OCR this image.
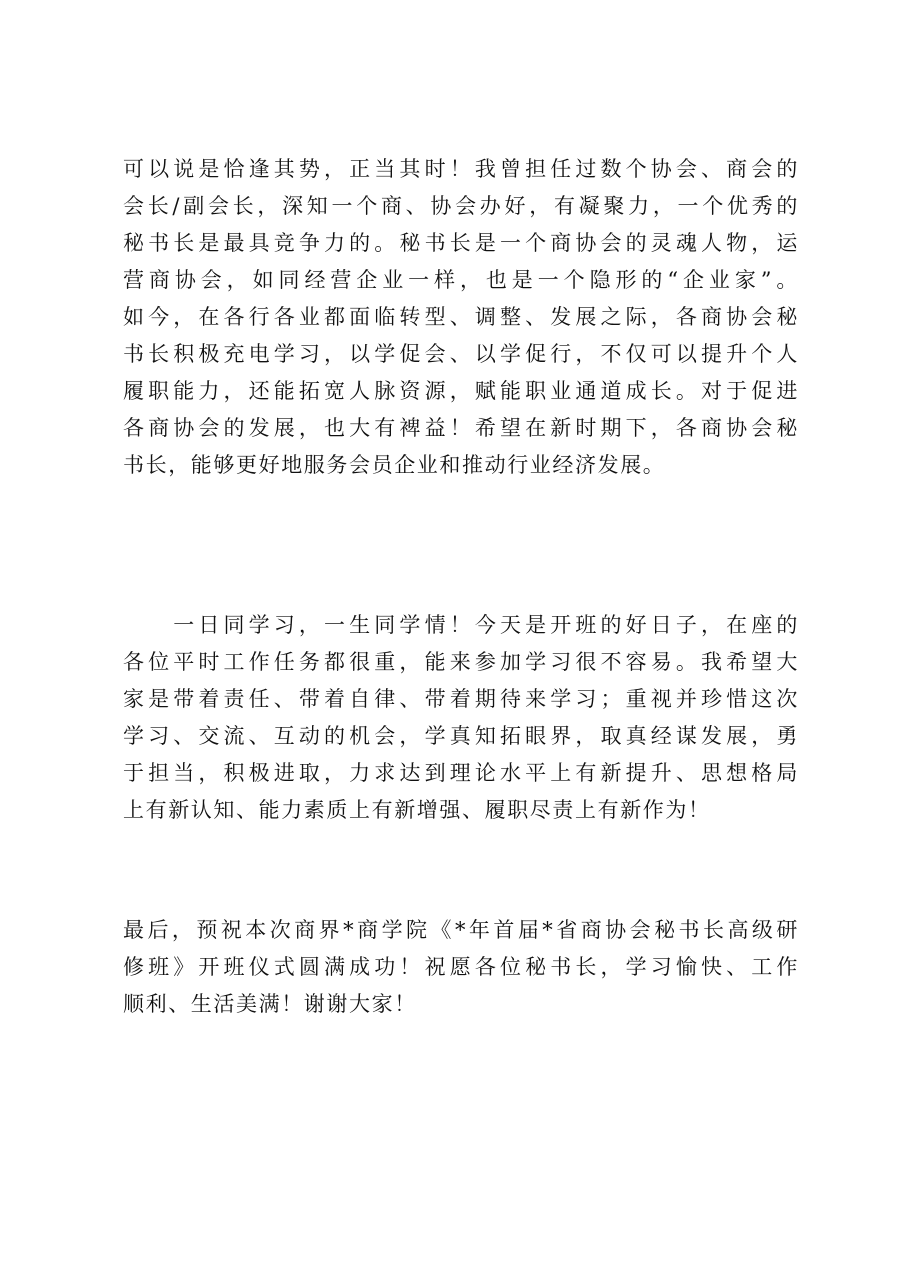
可以说是恰逢其势，正当其时！我曾担任过数个协会、商会的
会长/副会长，深知一个商、协会办好，有凝聚力，一个优秀的
秘书长是最具竞争力的。秘书长是一个商协会的灵魂人物，运
营商协会，如同经营企业一样，也是一个隐形的“企业家”。
如今，在各行各业都面临转型、调整、发展之际，各商协会秘
书长积极充电学习，以学促会、以学促行，不仅可以提升个人
履职能力，还能拓宽人脉资源，赋能职业通道成长。对于促进
各商协会的发展，也大有裨益！希望在新时期下，各商协会秘
书长，能够更好地服务会员企业和推动行业经济发展。

　　一日同学习，一生同学情！今天是开班的好日子，在座的
各位平时工作任务都很重，能来参加学习很不容易。我希望大
家是带着责任、带着自律、带着期待来学习；重视并珍惜这次
学习、交流、互动的机会，学真知拓眼界，取真经谋发展，勇
于担当，积极进取，力求达到理论水平上有新提升、思想格局
上有新认知、能力素质上有新增强、履职尽责上有新作为！

最后，预祝本次商界*商学院《*年首届*省商协会秘书长高级研
修班》开班仪式圆满成功！祝愿各位秘书长，学习愉快、工作
顺利、生活美满！谢谢大家！
